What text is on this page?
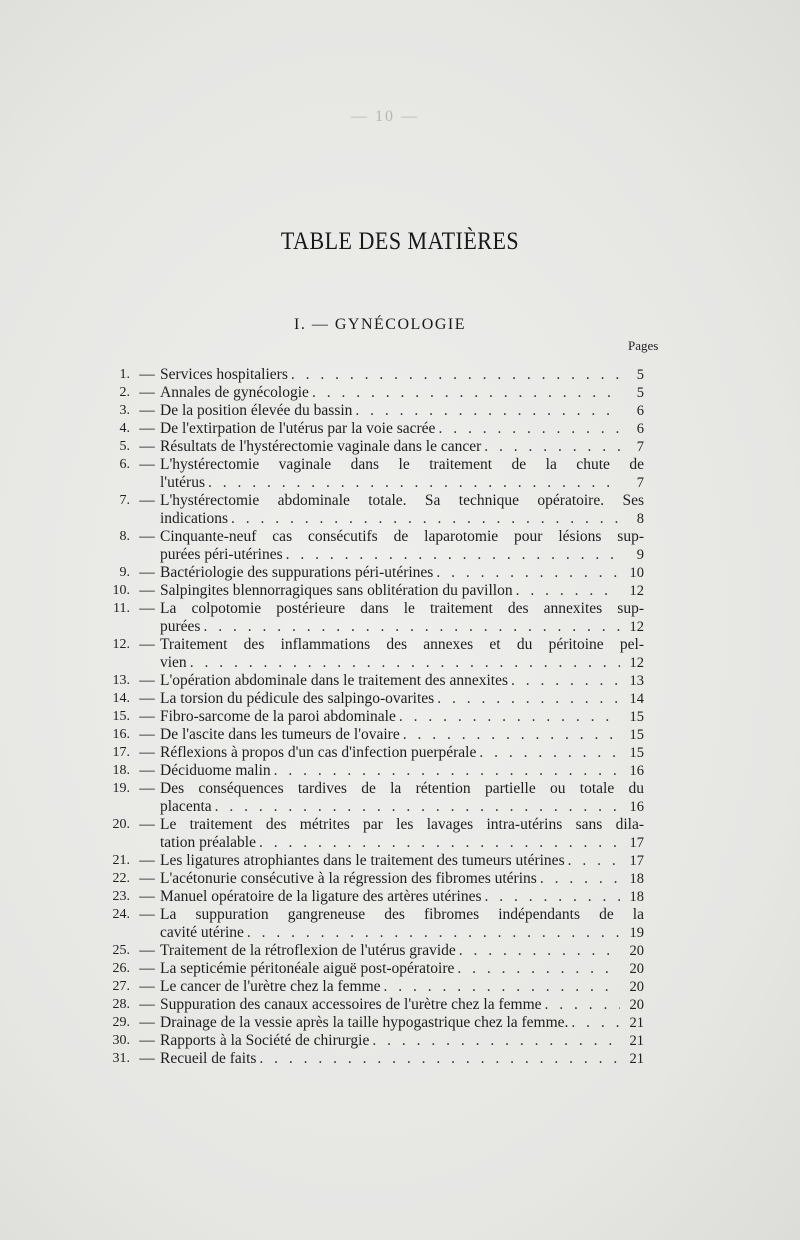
— 10 —
TABLE DES MATIÈRES
I. — GYNÉCOLOGIE
Pages
1. — Services hospitaliers . . .	5
2. — Annales de gynécologie . . .	5
3. — De la position élevée du bassin . . .	6
4. — De l'extirpation de l'utérus par la voie sacrée . . .	6
5. — Résultats de l'hystérectomie vaginale dans le cancer . . .	7
6. — L'hystérectomie vaginale dans le traitement de la chute de
l'utérus . . .	7
7. — L'hystérectomie abdominale totale. Sa technique opératoire. Ses
indications . . .	8
8. — Cinquante-neuf cas consécutifs de laparotomie pour lésions sup-
purées péri-utérines . . .	9
9. — Bactériologie des suppurations péri-utérines . . .	10
10. — Salpingites blennorragiques sans oblitération du pavillon . . .	12
11. — La colpotomie postérieure dans le traitement des annexites sup-
purées . . .	12
12. — Traitement des inflammations des annexes et du péritoine pel-
vien . . .	12
13. — L'opération abdominale dans le traitement des annexites . . .	13
14. — La torsion du pédicule des salpingo-ovarites . . .	14
15. — Fibro-sarcome de la paroi abdominale . . .	15
16. — De l'ascite dans les tumeurs de l'ovaire . . .	15
17. — Réflexions à propos d'un cas d'infection puerpérale . . .	15
18. — Déciduome malin . . .	16
19. — Des conséquences tardives de la rétention partielle ou totale du
placenta . . .	16
20. — Le traitement des métrites par les lavages intra-utérins sans dila-
tation préalable . . .	17
21. — Les ligatures atrophiantes dans le traitement des tumeurs utérines . . .	17
22. — L'acétonurie consécutive à la régression des fibromes utérins . . .	18
23. — Manuel opératoire de la ligature des artères utérines . . .	18
24. — La suppuration gangreneuse des fibromes indépendants de la
cavité utérine . . .	19
25. — Traitement de la rétroflexion de l'utérus gravide . . .	20
26. — La septicémie péritonéale aiguë post-opératoire . . .	20
27. — Le cancer de l'urètre chez la femme . . .	20
28. — Suppuration des canaux accessoires de l'urètre chez la femme . . .	20
29. — Drainage de la vessie après la taille hypogastrique chez la femme. . . .	21
30. — Rapports à la Société de chirurgie . . .	21
31. — Recueil de faits . . .	21
